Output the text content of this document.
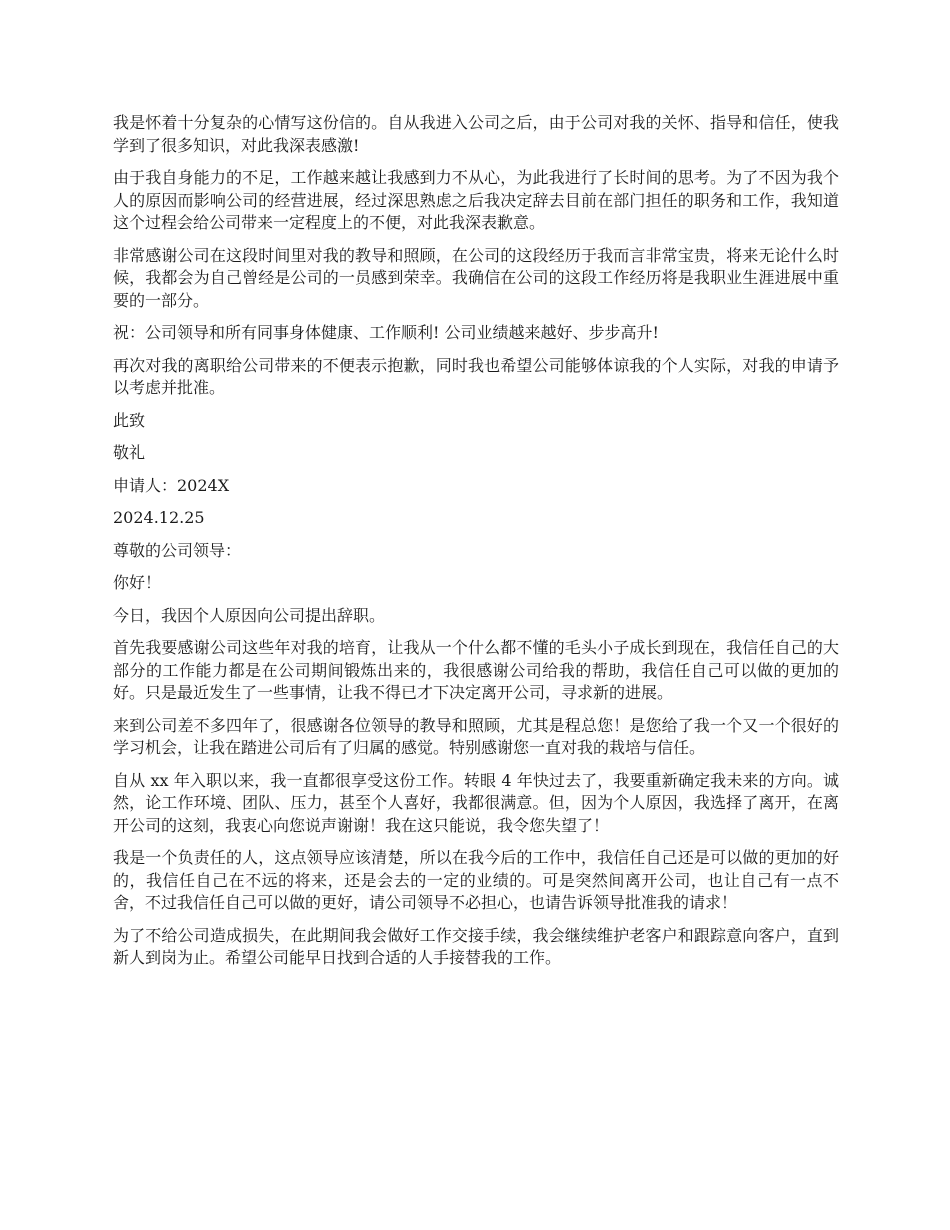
我是怀着十分复杂的心情写这份信的。自从我进入公司之后，由于公司对我的关怀、指导和信任，使我学到了很多知识，对此我深表感激!

由于我自身能力的不足，工作越来越让我感到力不从心，为此我进行了长时间的思考。为了不因为我个人的原因而影响公司的经营进展，经过深思熟虑之后我决定辞去目前在部门担任的职务和工作，我知道这个过程会给公司带来一定程度上的不便，对此我深表歉意。

非常感谢公司在这段时间里对我的教导和照顾，在公司的这段经历于我而言非常宝贵，将来无论什么时候，我都会为自己曾经是公司的一员感到荣幸。我确信在公司的这段工作经历将是我职业生涯进展中重要的一部分。

祝：公司领导和所有同事身体健康、工作顺利! 公司业绩越来越好、步步高升!

再次对我的离职给公司带来的不便表示抱歉，同时我也希望公司能够体谅我的个人实际，对我的申请予以考虑并批准。

此致

敬礼

申请人：2024X

2024.12.25

尊敬的公司领导：

你好！

今日，我因个人原因向公司提出辞职。

首先我要感谢公司这些年对我的培育，让我从一个什么都不懂的毛头小子成长到现在，我信任自己的大部分的工作能力都是在公司期间锻炼出来的，我很感谢公司给我的帮助，我信任自己可以做的更加的好。只是最近发生了一些事情，让我不得已才下决定离开公司，寻求新的进展。

来到公司差不多四年了，很感谢各位领导的教导和照顾，尤其是程总您！是您给了我一个又一个很好的学习机会，让我在踏进公司后有了归属的感觉。特别感谢您一直对我的栽培与信任。

自从 xx 年入职以来，我一直都很享受这份工作。转眼 4 年快过去了，我要重新确定我未来的方向。诚然，论工作环境、团队、压力，甚至个人喜好，我都很满意。但，因为个人原因，我选择了离开，在离开公司的这刻，我衷心向您说声谢谢！我在这只能说，我令您失望了！

我是一个负责任的人，这点领导应该清楚，所以在我今后的工作中，我信任自己还是可以做的更加的好的，我信任自己在不远的将来，还是会去的一定的业绩的。可是突然间离开公司，也让自己有一点不舍，不过我信任自己可以做的更好，请公司领导不必担心，也请告诉领导批准我的请求！

为了不给公司造成损失，在此期间我会做好工作交接手续，我会继续维护老客户和跟踪意向客户，直到新人到岗为止。希望公司能早日找到合适的人手接替我的工作。
